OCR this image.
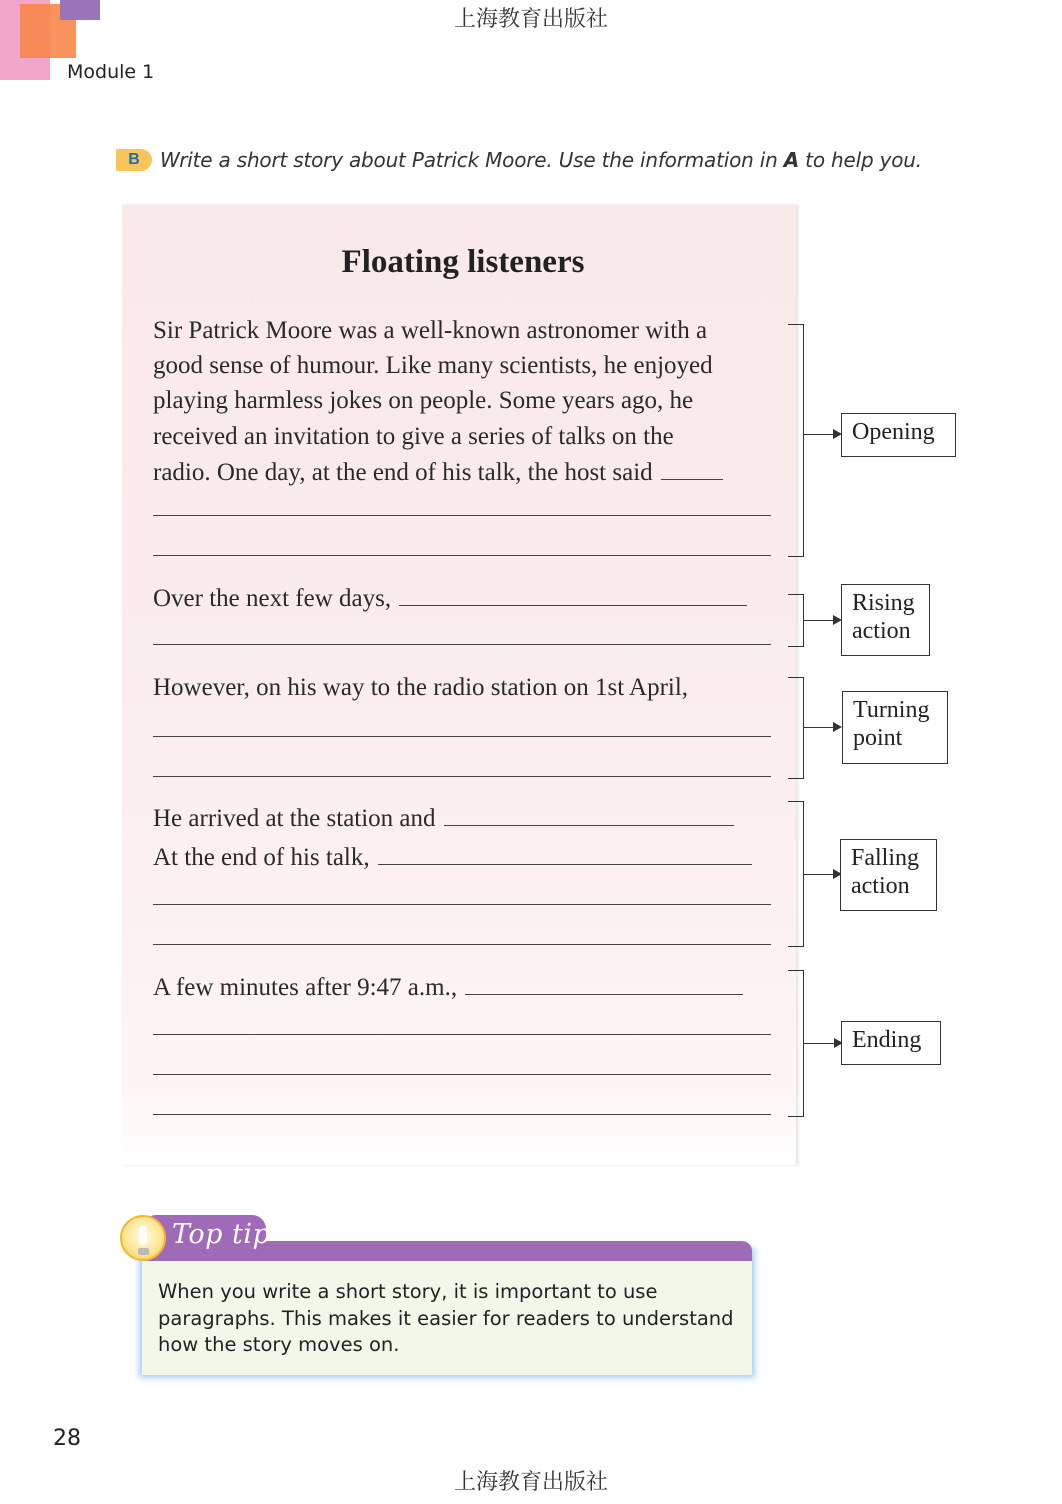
Module 1
上海教育出版社
B	Write a short story about Patrick Moore. Use the information in A to help you.
Floating listeners
Sir Patrick Moore was a well-known astronomer with a
good sense of humour. Like many scientists, he enjoyed
playing harmless jokes on people. Some years ago, he
received an invitation to give a series of talks on the
radio. One day, at the end of his talk, the host said
Over the next few days,
However, on his way to the radio station on 1st April,
He arrived at the station and
At the end of his talk,
A few minutes after 9:47 a.m.,
Opening
Rising
action
Turning
point
Falling
action
Ending
Top tip
When you write a short story, it is important to use
paragraphs. This makes it easier for readers to understand
how the story moves on.
28
上海教育出版社
